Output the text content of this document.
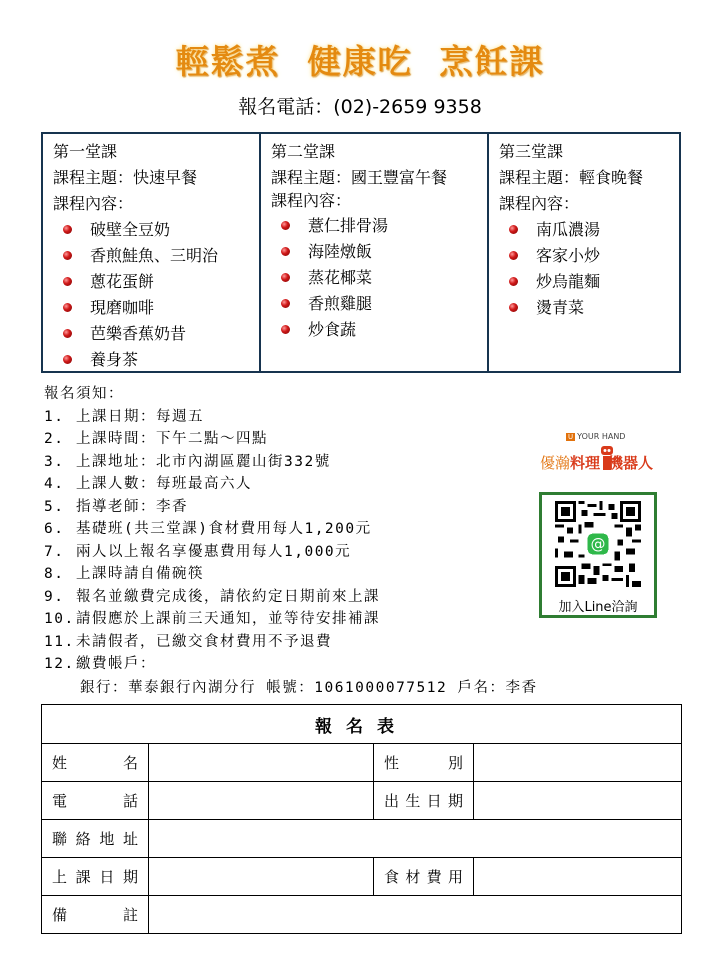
輕鬆煮  健康吃  烹飪課
報名電話：(02)-2659 9358
第一堂課
課程主題：快速早餐
課程內容：
破壁全豆奶
香煎鮭魚、三明治
蔥花蛋餅
現磨咖啡
芭樂香蕉奶昔
養身茶
第二堂課
課程主題：國王豐富午餐
課程內容：
薏仁排骨湯
海陸燉飯
蒸花椰菜
香煎雞腿
炒食蔬
第三堂課
課程主題：輕食晚餐
課程內容：
南瓜濃湯
客家小炒
炒烏龍麵
燙青菜
報名須知：
1. 上課日期：每週五
2. 上課時間：下午二點～四點
3. 上課地址：北市內湖區麗山街332號
4. 上課人數：每班最高六人
5. 指導老師：李香
6. 基礎班(共三堂課)食材費用每人1,200元
7. 兩人以上報名享優惠費用每人1,000元
8. 上課時請自備碗筷
9. 報名並繳費完成後，請依約定日期前來上課
10.請假應於上課前三天通知，並等待安排補課
11.未請假者，已繳交食材費用不予退費
12.繳費帳戶：
銀行：華泰銀行內湖分行 帳號：1061000077512 戶名：李香
U YOUR HAND
優瀚料理 機器人
@
加入Line洽詢
報名表			
姓名		性別	
電話		出生日期	
聯絡地址			
上課日期		食材費用	
備註			
